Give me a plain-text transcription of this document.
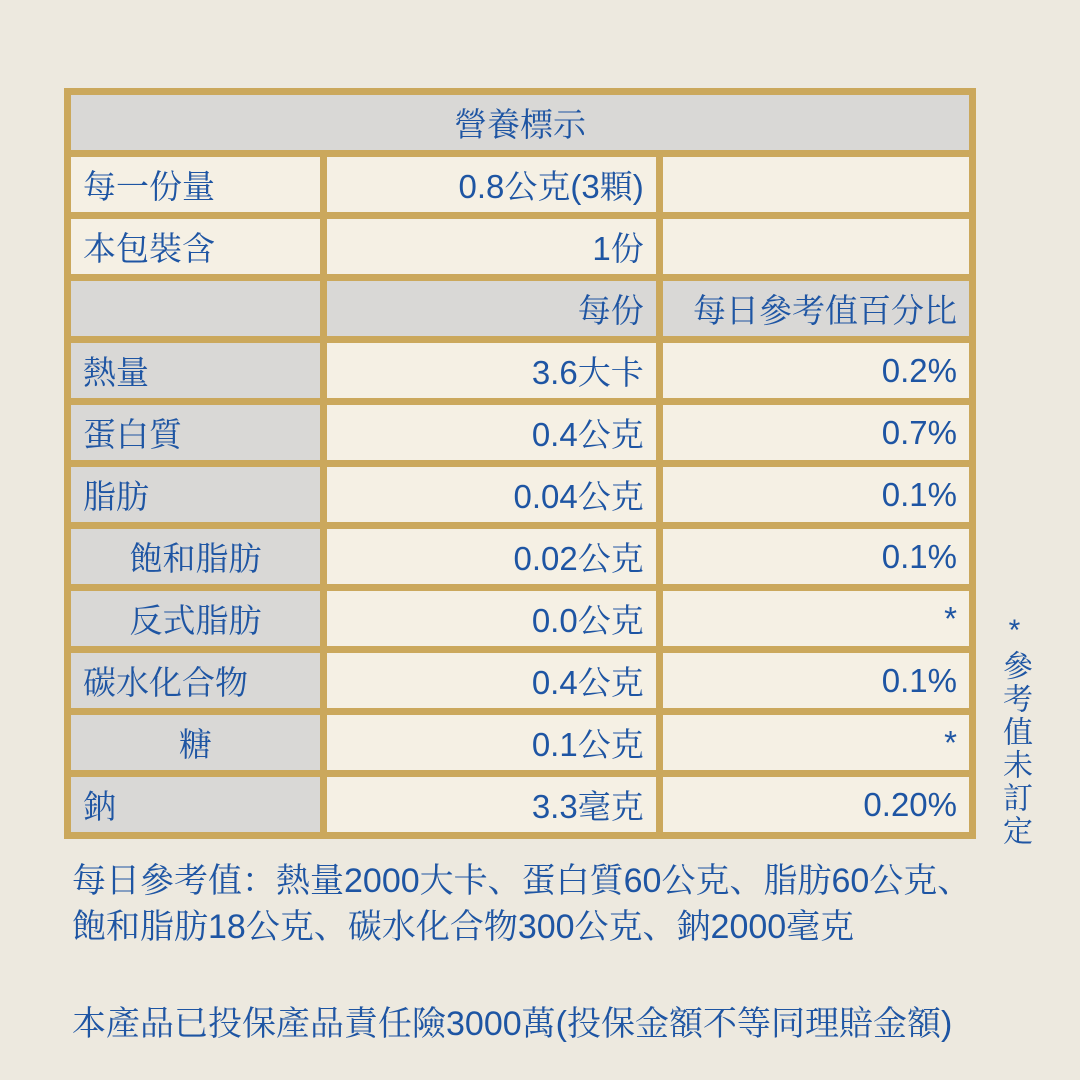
營養標示		
每一份量	0.8公克(3顆)	
本包裝含	1份	
	每份	每日參考值百分比
熱量	3.6大卡	0.2%
蛋白質	0.4公克	0.7%
脂肪	0.04公克	0.1%
飽和脂肪	0.02公克	0.1%
反式脂肪	0.0公克	*
碳水化合物	0.4公克	0.1%
糖	0.1公克	*
鈉	3.3毫克	0.20% *參考值未訂定
每日參考值：熱量2000大卡、蛋白質60公克、脂肪60公克、
飽和脂肪18公克、碳水化合物300公克、鈉2000毫克
本產品已投保產品責任險3000萬(投保金額不等同理賠金額)
